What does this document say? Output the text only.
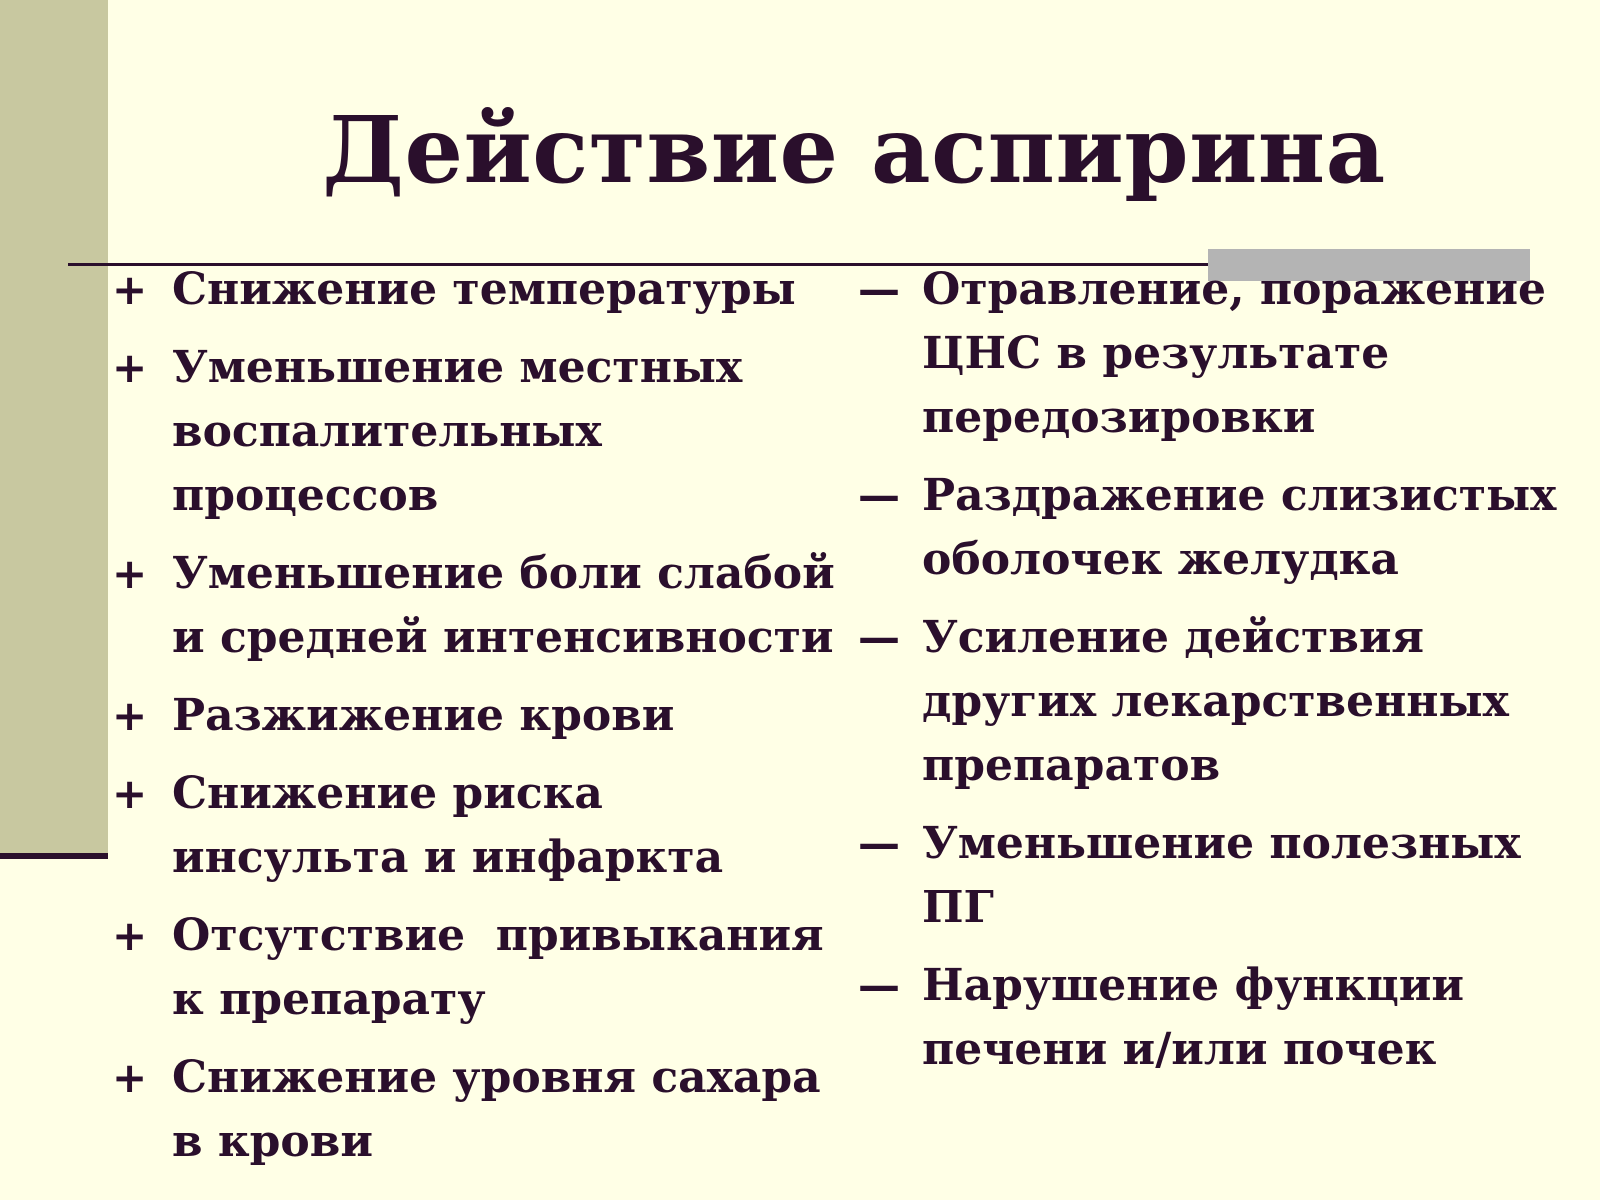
Действие аспирина
+ Снижение температуры
+ Уменьшение местных воспалительных процессов
+ Уменьшение боли слабой и средней интенсивности
+ Разжижение крови
+ Снижение риска инсульта и инфаркта
+ Отсутствие  привыкания к препарату
+ Снижение уровня сахара в крови
— Отравление, поражение ЦНС в результате передозировки
— Раздражение слизистых оболочек желудка
— Усиление действия других лекарственных препаратов
— Уменьшение полезных ПГ
— Нарушение функции печени и/или почек
